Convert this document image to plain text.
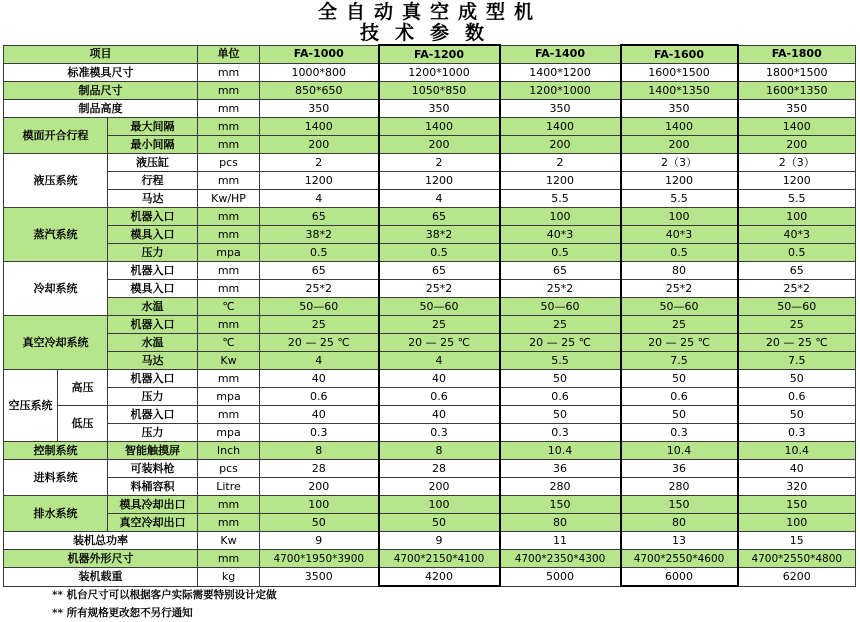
全自动真空成型机
技术参数
项目			单位	FA-1000	FA-1200	FA-1400	FA-1600	FA-1800
标准模具尺寸			mm	1000*800	1200*1000	1400*1200	1600*1500	1800*1500
制品尺寸			mm	850*650	1050*850	1200*1000	1400*1350	1600*1350
制品高度			mm	350	350	350	350	350
模面开合行程		最大间隔	mm	1400	1400	1400	1400	1400
		最小间隔	mm	200	200	200	200	200
液压系统		液压缸	pcs	2	2	2	2（3）	2（3）
		行程	mm	1200	1200	1200	1200	1200
		马达	Kw/HP	4	4	5.5	5.5	5.5
蒸汽系统		机器入口	mm	65	65	100	100	100
		模具入口	mm	38*2	38*2	40*3	40*3	40*3
		压力	mpa	0.5	0.5	0.5	0.5	0.5
冷却系统		机器入口	mm	65	65	65	80	65
		模具入口	mm	25*2	25*2	25*2	25*2	25*2
		水温	℃	50—60	50—60	50—60	50—60	50—60
真空冷却系统		机器入口	mm	25	25	25	25	25
		水温	℃	20 — 25 ℃	20 — 25 ℃	20 — 25 ℃	20 — 25 ℃	20 — 25 ℃
		马达	Kw	4	4	5.5	7.5	7.5
空压系统	高压	机器入口	mm	40	40	50	50	50
		压力	mpa	0.6	0.6	0.6	0.6	0.6
	低压	机器入口	mm	40	40	50	50	50
		压力	mpa	0.3	0.3	0.3	0.3	0.3
控制系统		智能触摸屏	Inch	8	8	10.4	10.4	10.4
进料系统		可装料枪	pcs	28	28	36	36	40
		料桶容积	Litre	200	200	280	280	320
排水系统		模具冷却出口	mm	100	100	150	150	150
		真空冷却出口	mm	50	50	80	80	100
装机总功率			Kw	9	9	11	13	15
机器外形尺寸			mm	4700*1950*3900	4700*2150*4100	4700*2350*4300	4700*2550*4600	4700*2550*4800
装机载重			kg	3500	4200	5000	6000	6200
** 机台尺寸可以根据客户实际需要特别设计定做
** 所有规格更改恕不另行通知
